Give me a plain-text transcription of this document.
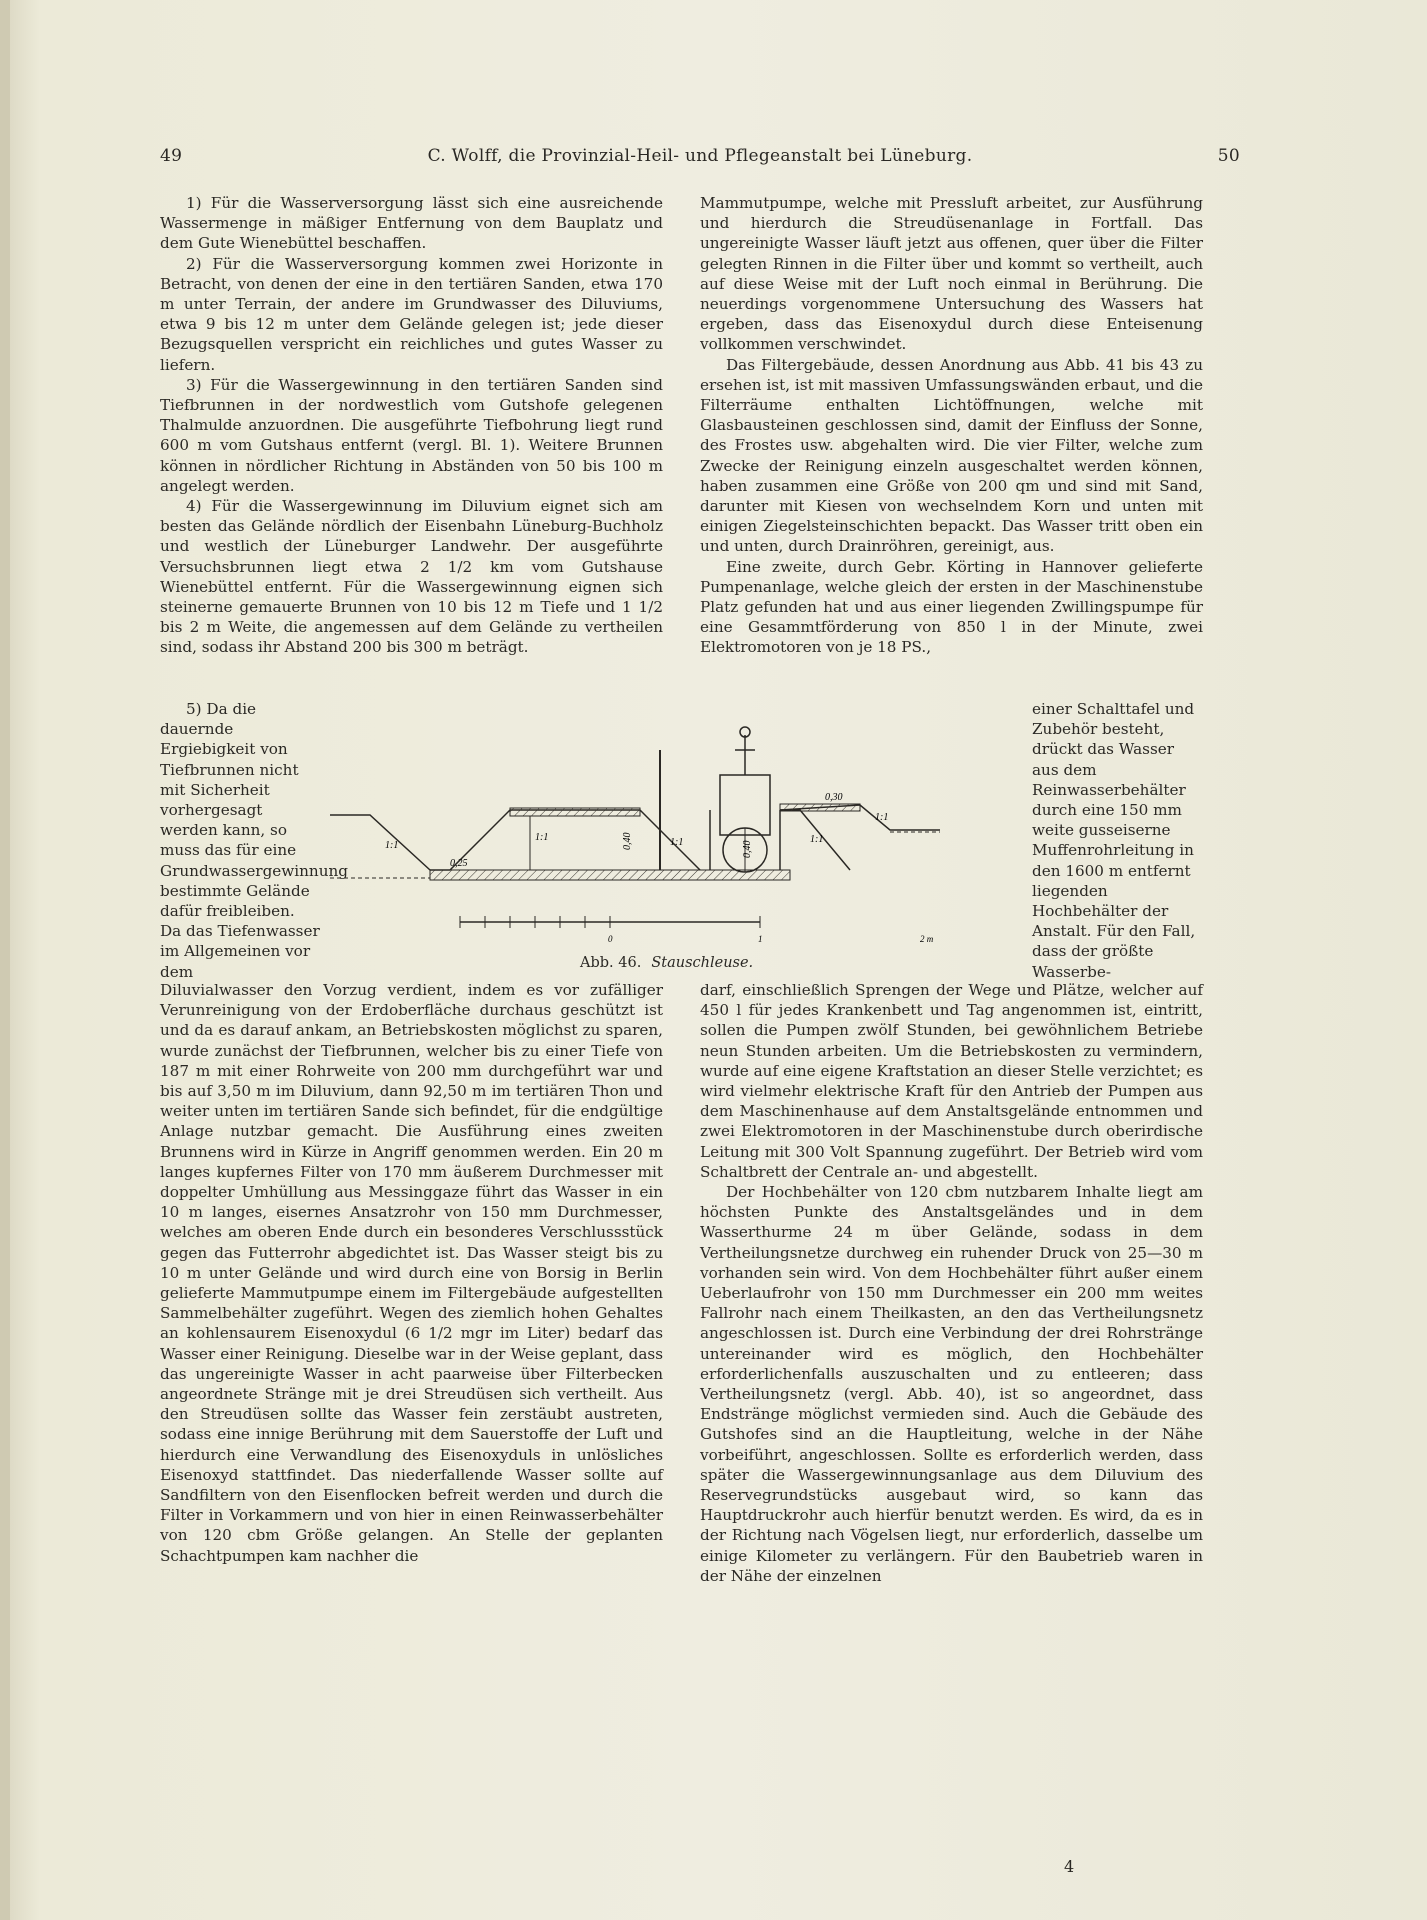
49	C. Wolff, die Provinzial-Heil- und Pflegeanstalt bei Lüneburg.	50

1) Für die Wasserversorgung lässt sich eine ausreichende Wassermenge in mäßiger Entfernung von dem Bauplatz und dem Gute Wienebüttel beschaffen.

2) Für die Wasserversorgung kommen zwei Horizonte in Betracht, von denen der eine in den tertiären Sanden, etwa 170 m unter Terrain, der andere im Grundwasser des Diluviums, etwa 9 bis 12 m unter dem Gelände gelegen ist; jede dieser Bezugsquellen verspricht ein reichliches und gutes Wasser zu liefern.

3) Für die Wassergewinnung in den tertiären Sanden sind Tiefbrunnen in der nordwestlich vom Gutshofe gelegenen Thalmulde anzuordnen. Die ausgeführte Tiefbohrung liegt rund 600 m vom Gutshaus entfernt (vergl. Bl. 1). Weitere Brunnen können in nördlicher Richtung in Abständen von 50 bis 100 m angelegt werden.

4) Für die Wassergewinnung im Diluvium eignet sich am besten das Gelände nördlich der Eisenbahn Lüneburg-Buchholz und westlich der Lüneburger Landwehr. Der ausgeführte Versuchsbrunnen liegt etwa 2 1/2 km vom Gutshause Wienebüttel entfernt. Für die Wassergewinnung eignen sich steinerne gemauerte Brunnen von 10 bis 12 m Tiefe und 1 1/2 bis 2 m Weite, die angemessen auf dem Gelände zu vertheilen sind, sodass ihr Abstand 200 bis 300 m beträgt.

5) Da die dauernde Ergiebigkeit von Tiefbrunnen nicht mit Sicherheit vorhergesagt werden kann, so muss das für eine Grundwassergewinnung bestimmte Gelände dafür freibleiben. Da das Tiefenwasser im Allgemeinen vor dem

1:1
1:1	1:1	1:1
1:1
0,25
0,40	0,40
0,30
0	1	2 m
Abb. 46. Stauschleuse.

Diluvialwasser den Vorzug verdient, indem es vor zufälliger Verunreinigung von der Erdoberfläche durchaus geschützt ist und da es darauf ankam, an Betriebskosten möglichst zu sparen, wurde zunächst der Tiefbrunnen, welcher bis zu einer Tiefe von 187 m mit einer Rohrweite von 200 mm durchgeführt war und bis auf 3,50 m im Diluvium, dann 92,50 m im tertiären Thon und weiter unten im tertiären Sande sich befindet, für die endgültige Anlage nutzbar gemacht. Die Ausführung eines zweiten Brunnens wird in Kürze in Angriff genommen werden. Ein 20 m langes kupfernes Filter von 170 mm äußerem Durchmesser mit doppelter Umhüllung aus Messinggaze führt das Wasser in ein 10 m langes, eisernes Ansatzrohr von 150 mm Durchmesser, welches am oberen Ende durch ein besonderes Verschlussstück gegen das Futterrohr abgedichtet ist. Das Wasser steigt bis zu 10 m unter Gelände und wird durch eine von Borsig in Berlin gelieferte Mammutpumpe einem im Filtergebäude aufgestellten Sammelbehälter zugeführt. Wegen des ziemlich hohen Gehaltes an kohlensaurem Eisenoxydul (6 1/2 mgr im Liter) bedarf das Wasser einer Reinigung. Dieselbe war in der Weise geplant, dass das ungereinigte Wasser in acht paarweise über Filterbecken angeordnete Stränge mit je drei Streudüsen sich vertheilt. Aus den Streudüsen sollte das Wasser fein zerstäubt austreten, sodass eine innige Berührung mit dem Sauerstoffe der Luft und hierdurch eine Verwandlung des Eisenoxyduls in unlösliches Eisenoxyd stattfindet. Das niederfallende Wasser sollte auf Sandfiltern von den Eisenflocken befreit werden und durch die Filter in Vorkammern und von hier in einen Reinwasserbehälter von 120 cbm Größe gelangen. An Stelle der geplanten Schachtpumpen kam nachher die

Mammutpumpe, welche mit Pressluft arbeitet, zur Ausführung und hierdurch die Streudüsenanlage in Fortfall. Das ungereinigte Wasser läuft jetzt aus offenen, quer über die Filter gelegten Rinnen in die Filter über und kommt so vertheilt, auch auf diese Weise mit der Luft noch einmal in Berührung. Die neuerdings vorgenommene Untersuchung des Wassers hat ergeben, dass das Eisenoxydul durch diese Enteisenung vollkommen verschwindet.

Das Filtergebäude, dessen Anordnung aus Abb. 41 bis 43 zu ersehen ist, ist mit massiven Umfassungswänden erbaut, und die Filterräume enthalten Lichtöffnungen, welche mit Glasbausteinen geschlossen sind, damit der Einfluss der Sonne, des Frostes usw. abgehalten wird. Die vier Filter, welche zum Zwecke der Reinigung einzeln ausgeschaltet werden können, haben zusammen eine Größe von 200 qm und sind mit Sand, darunter mit Kiesen von wechselndem Korn und unten mit einigen Ziegelsteinschichten bepackt. Das Wasser tritt oben ein und unten, durch Drainröhren, gereinigt, aus.

Eine zweite, durch Gebr. Körting in Hannover gelieferte Pumpenanlage, welche gleich der ersten in der Maschinenstube Platz gefunden hat und aus einer liegenden Zwillingspumpe für eine Gesammtförderung von 850 l in der Minute, zwei Elektromotoren von je 18 PS.,

einer Schalttafel und Zubehör besteht, drückt das Wasser aus dem Reinwasserbehälter durch eine 150 mm weite gusseiserne Muffenrohrleitung in den 1600 m entfernt liegenden Hochbehälter der Anstalt. Für den Fall, dass der größte Wasserbe-

darf, einschließlich Sprengen der Wege und Plätze, welcher auf 450 l für jedes Krankenbett und Tag angenommen ist, eintritt, sollen die Pumpen zwölf Stunden, bei gewöhnlichem Betriebe neun Stunden arbeiten. Um die Betriebskosten zu vermindern, wurde auf eine eigene Kraftstation an dieser Stelle verzichtet; es wird vielmehr elektrische Kraft für den Antrieb der Pumpen aus dem Maschinenhause auf dem Anstaltsgelände entnommen und zwei Elektromotoren in der Maschinenstube durch oberirdische Leitung mit 300 Volt Spannung zugeführt. Der Betrieb wird vom Schaltbrett der Centrale an- und abgestellt.

Der Hochbehälter von 120 cbm nutzbarem Inhalte liegt am höchsten Punkte des Anstaltsgeländes und in dem Wasserthurme 24 m über Gelände, sodass in dem Vertheilungsnetze durchweg ein ruhender Druck von 25—30 m vorhanden sein wird. Von dem Hochbehälter führt außer einem Ueberlaufrohr von 150 mm Durchmesser ein 200 mm weites Fallrohr nach einem Theilkasten, an den das Vertheilungsnetz angeschlossen ist. Durch eine Verbindung der drei Rohrstränge untereinander wird es möglich, den Hochbehälter erforderlichenfalls auszuschalten und zu entleeren; dass Vertheilungsnetz (vergl. Abb. 40), ist so angeordnet, dass Endstränge möglichst vermieden sind. Auch die Gebäude des Gutshofes sind an die Hauptleitung, welche in der Nähe vorbeiführt, angeschlossen. Sollte es erforderlich werden, dass später die Wassergewinnungsanlage aus dem Diluvium des Reservegrundstücks ausgebaut wird, so kann das Hauptdruckrohr auch hierfür benutzt werden. Es wird, da es in der Richtung nach Vögelsen liegt, nur erforderlich, dasselbe um einige Kilometer zu verlängern. Für den Baubetrieb waren in der Nähe der einzelnen

4
